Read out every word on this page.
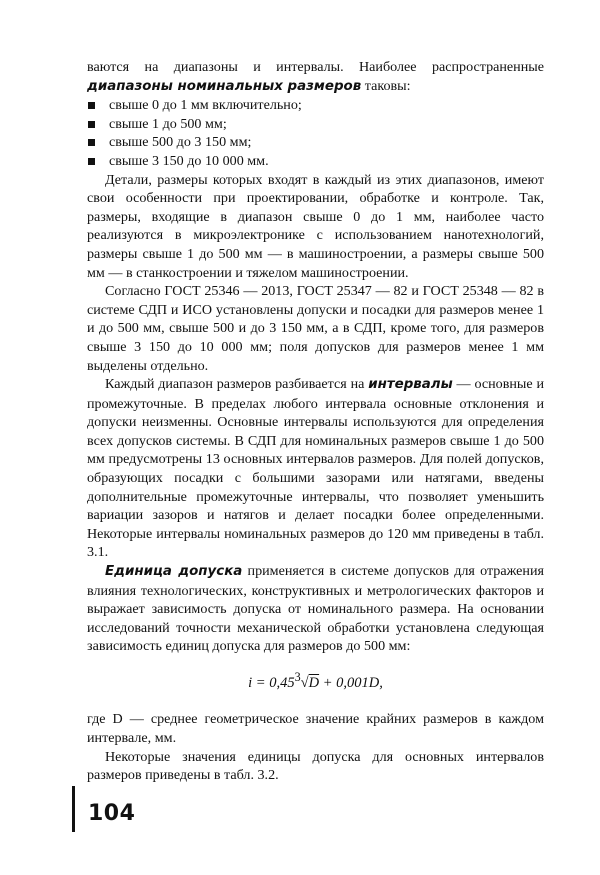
ваются на диапазоны и интервалы. Наиболее распространенные диапазоны номинальных размеров таковы:

свыше 0 до 1 мм включительно;
свыше 1 до 500 мм;
свыше 500 до 3 150 мм;
свыше 3 150 до 10 000 мм.

Детали, размеры которых входят в каждый из этих диапазонов, имеют свои особенности при проектировании, обработке и контроле. Так, размеры, входящие в диапазон свыше 0 до 1 мм, наиболее часто реализуются в микроэлектронике с использованием нанотехнологий, размеры свыше 1 до 500 мм — в машиностроении, а размеры свыше 500 мм — в станкостроении и тяжелом машиностроении.

Согласно ГОСТ 25346 — 2013, ГОСТ 25347 — 82 и ГОСТ 25348 — 82 в системе СДП и ИСО установлены допуски и посадки для размеров менее 1 и до 500 мм, свыше 500 и до 3 150 мм, а в СДП, кроме того, для размеров свыше 3 150 до 10 000 мм; поля допусков для размеров менее 1 мм выделены отдельно.

Каждый диапазон размеров разбивается на интервалы — основные и промежуточные. В пределах любого интервала основные отклонения и допуски неизменны. Основные интервалы используются для определения всех допусков системы. В СДП для номинальных размеров свыше 1 до 500 мм предусмотрены 13 основных интервалов размеров. Для полей допусков, образующих посадки с большими зазорами или натягами, введены дополнительные промежуточные интервалы, что позволяет уменьшить вариации зазоров и натягов и делает посадки более определенными. Некоторые интервалы номинальных размеров до 120 мм приведены в табл. 3.1.

Единица допуска применяется в системе допусков для отражения влияния технологических, конструктивных и метрологических факторов и выражает зависимость допуска от номинального размера. На основании исследований точности механической обработки установлена следующая зависимость единиц допуска для размеров до 500 мм:

$i = 0,45^3√D + 0,001D$,

где D — среднее геометрическое значение крайних размеров в каждом интервале, мм.

Некоторые значения единицы допуска для основных интервалов размеров приведены в табл. 3.2.

104
